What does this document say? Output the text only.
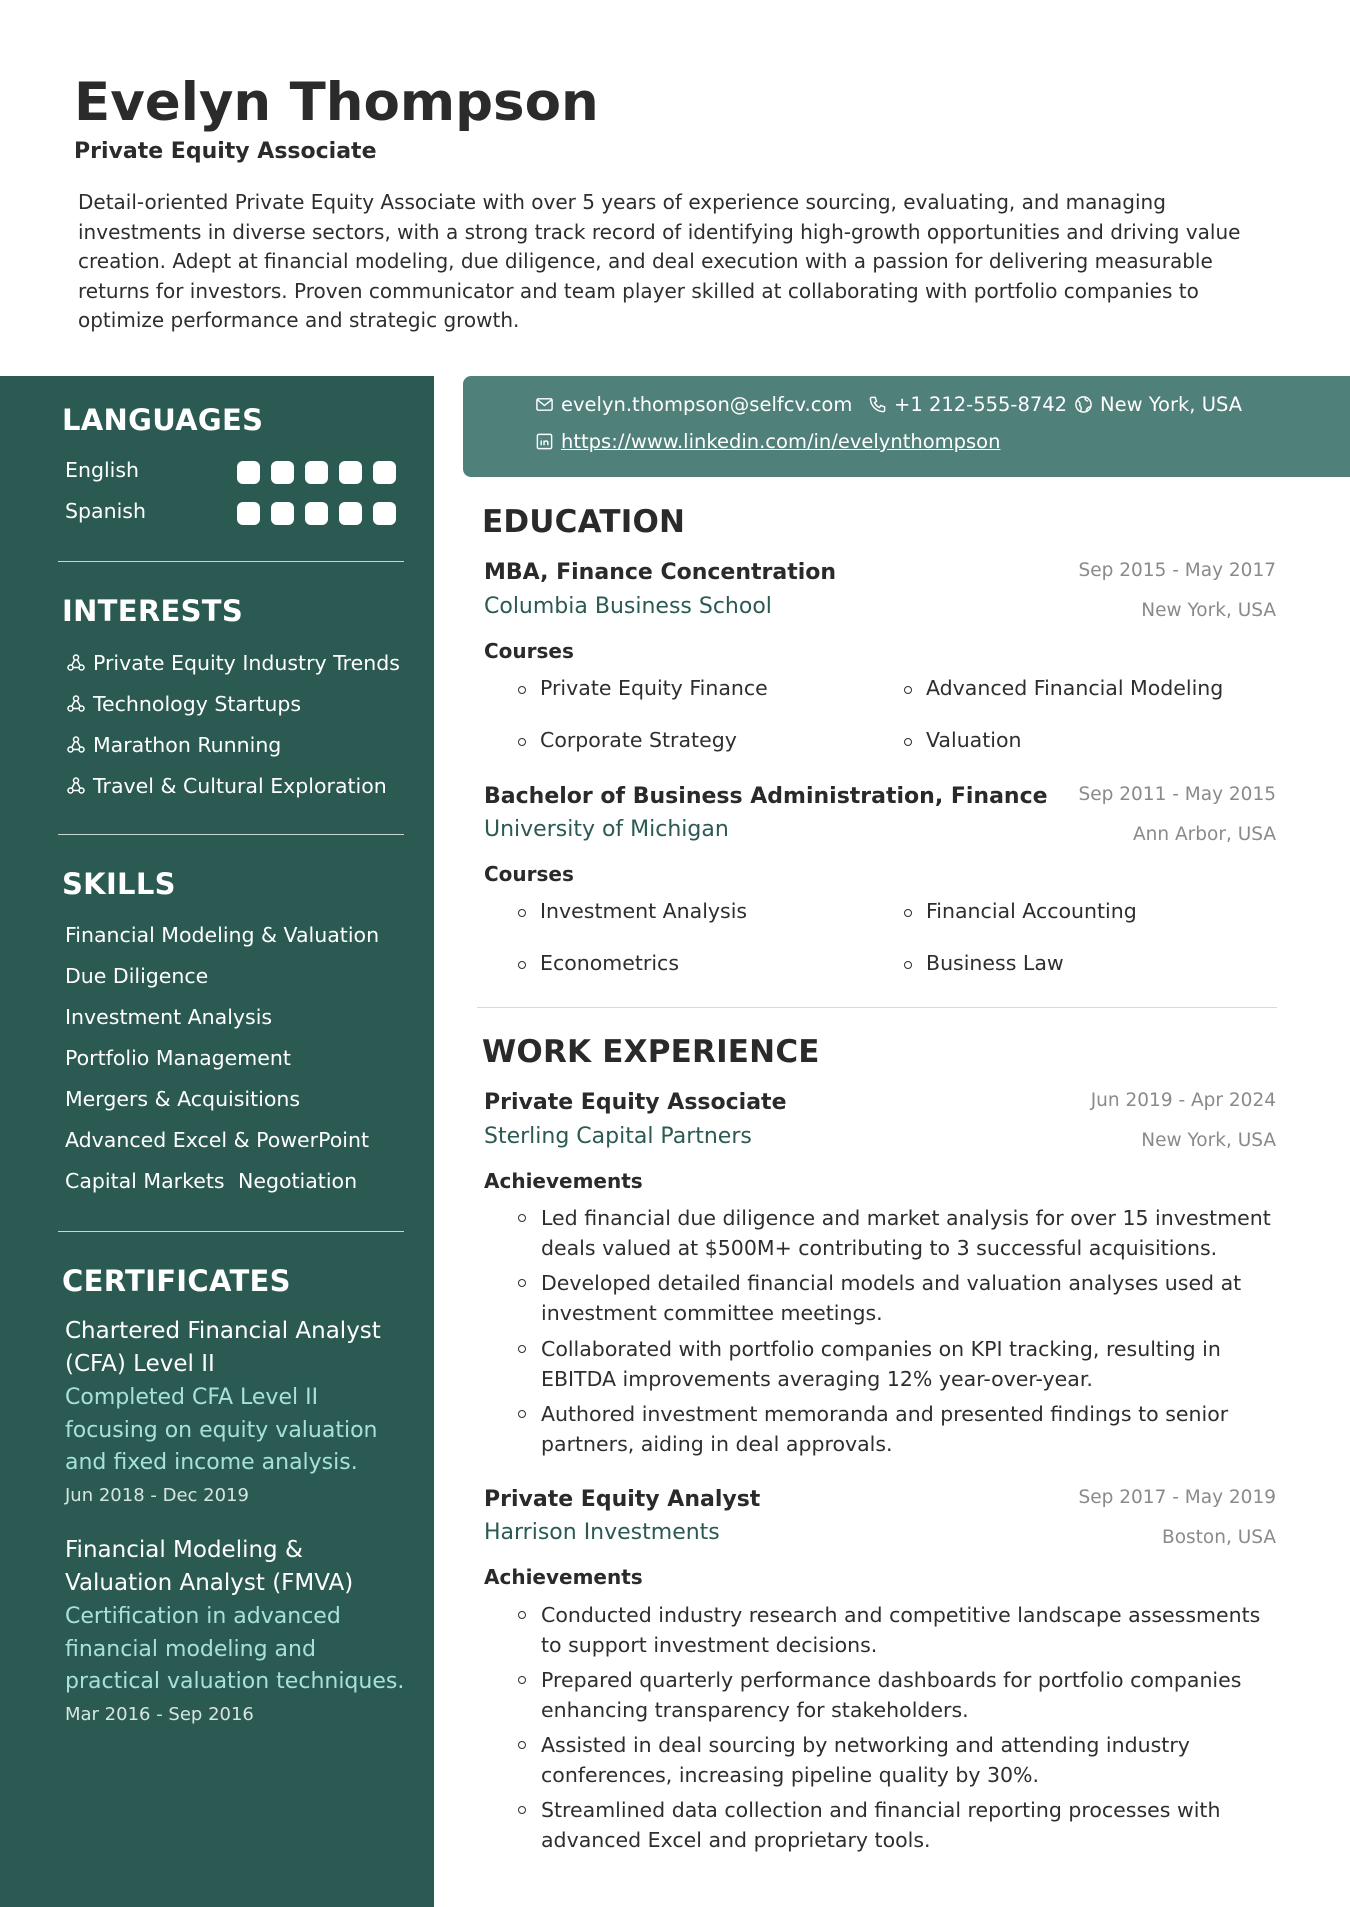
Evelyn Thompson
Private Equity Associate

Detail-oriented Private Equity Associate with over 5 years of experience sourcing, evaluating, and managing investments in diverse sectors, with a strong track record of identifying high-growth opportunities and driving value creation. Adept at financial modeling, due diligence, and deal execution with a passion for delivering measurable returns for investors. Proven communicator and team player skilled at collaborating with portfolio companies to optimize performance and strategic growth.

LANGUAGES
English
Spanish
INTERESTS
Private Equity Industry Trends
Technology Startups
Marathon Running
Travel & Cultural Exploration
SKILLS
Financial Modeling & Valuation
Due Diligence
Investment Analysis
Portfolio Management
Mergers & Acquisitions
Advanced Excel & PowerPoint
Capital Markets Negotiation
CERTIFICATES
Chartered Financial Analyst (CFA) Level II
Completed CFA Level II focusing on equity valuation and fixed income analysis.
Jun 2018 - Dec 2019
Financial Modeling & Valuation Analyst (FMVA)
Certification in advanced financial modeling and practical valuation techniques.
Mar 2016 - Sep 2016
evelyn.thompson@selfcv.com +1 212-555-8742 New York, USA
https://www.linkedin.com/in/evelynthompson
EDUCATION
MBA, Finance Concentration
Columbia Business School
Sep 2015 - May 2017
New York, USA
Courses
Private Equity Finance	Advanced Financial Modeling
Corporate Strategy	Valuation
Bachelor of Business Administration, Finance
University of Michigan
Sep 2011 - May 2015
Ann Arbor, USA
Courses
Investment Analysis	Financial Accounting
Econometrics	Business Law
WORK EXPERIENCE
Private Equity Associate
Sterling Capital Partners
Jun 2019 - Apr 2024
New York, USA
Achievements
Led financial due diligence and market analysis for over 15 investment deals valued at $500M+ contributing to 3 successful acquisitions.
Developed detailed financial models and valuation analyses used at investment committee meetings.
Collaborated with portfolio companies on KPI tracking, resulting in EBITDA improvements averaging 12% year-over-year.
Authored investment memoranda and presented findings to senior partners, aiding in deal approvals.
Private Equity Analyst
Harrison Investments
Sep 2017 - May 2019
Boston, USA
Achievements
Conducted industry research and competitive landscape assessments to support investment decisions.
Prepared quarterly performance dashboards for portfolio companies enhancing transparency for stakeholders.
Assisted in deal sourcing by networking and attending industry conferences, increasing pipeline quality by 30%.
Streamlined data collection and financial reporting processes with advanced Excel and proprietary tools.
